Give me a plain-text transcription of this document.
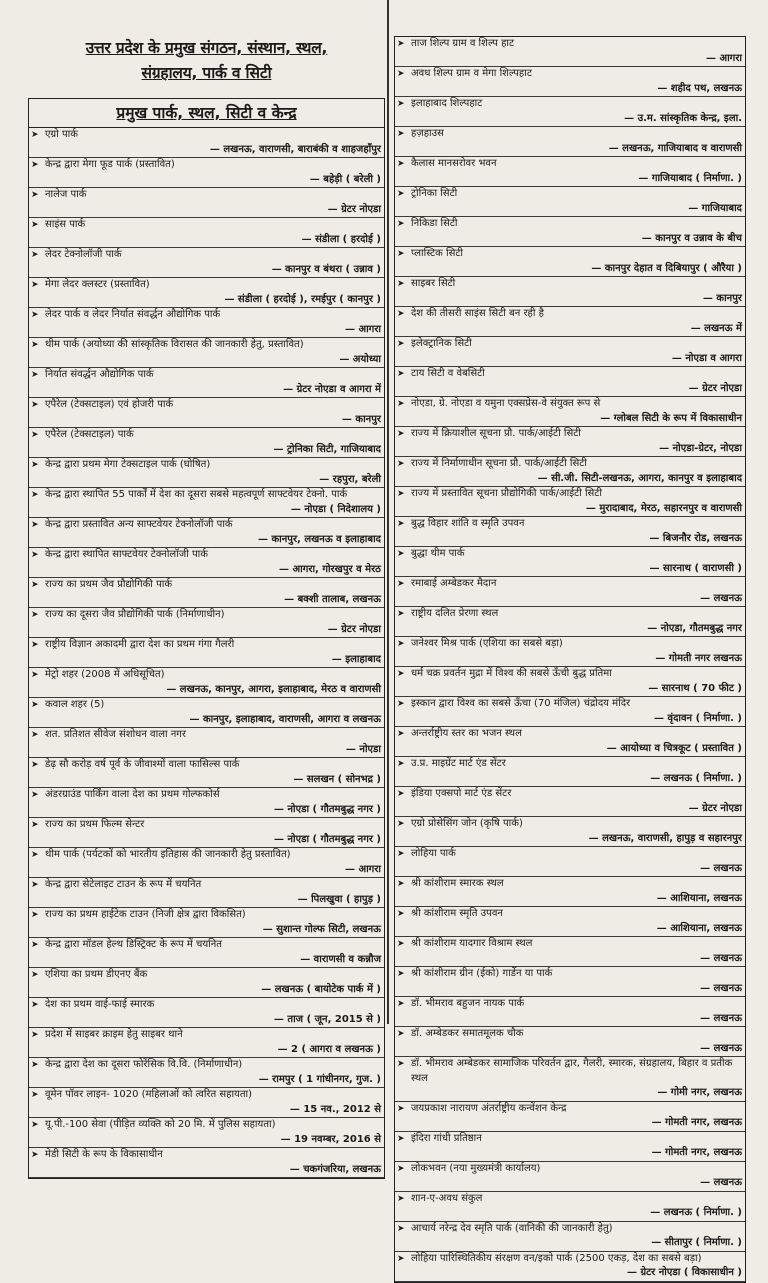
उत्तर प्रदेश के प्रमुख संगठन, संस्थान, स्थल,
संग्रहालय, पार्क व सिटी
प्रमुख पार्क, स्थल, सिटी व केन्द्र
➤ एग्रो पार्क
— लखनऊ, वाराणसी, बाराबंकी व शाहजहाँपुर
➤ केन्द्र द्वारा मेगा फूड पार्क (प्रस्तावित)
— बहेड़ी ( बरेली )
➤ नालेज पार्क
— ग्रेटर नोएडा
➤ साइंस पार्क
— संडीला ( हरदोई )
➤ लेदर टेक्नोलॉजी पार्क
— कानपुर व बंथरा ( उन्नाव )
➤ मेगा लेदर क्लस्टर (प्रस्तावित)
— संडीला ( हरदोई ), रमईपुर ( कानपुर )
➤ लेदर पार्क व लेदर निर्यात संवर्द्धन औद्योगिक पार्क
— आगरा
➤ थीम पार्क (अयोध्या की सांस्कृतिक विरासत की जानकारी हेतु, प्रस्तावित)
— अयोध्या
➤ निर्यात संवर्द्धन औद्योगिक पार्क
— ग्रेटर नोएडा व आगरा में
➤ एपैरेल (टेक्सटाइल) एवं होजरी पार्क
— कानपुर
➤ एपैरेल (टेक्सटाइल) पार्क
— ट्रोनिका सिटी, गाजियाबाद
➤ केन्द्र द्वारा प्रथम मेगा टेक्सटाइल पार्क (घोषित)
— रहपुरा, बरेली
➤ केन्द्र द्वारा स्थापित 55 पार्कों में देश का दूसरा सबसे महत्वपूर्ण साफ्टवेयर टेक्नो. पार्क
— नोएडा ( निदेशालय )
➤ केन्द्र द्वारा प्रस्तावित अन्य साफ्टवेयर टेक्नोलॉजी पार्क
— कानपुर, लखनऊ व इलाहाबाद
➤ केन्द्र द्वारा स्थापित साफ्टवेयर टेक्नोलॉजी पार्क
— आगरा, गोरखपुर व मेरठ
➤ राज्य का प्रथम जैव प्रौद्योगिकी पार्क
— बक्शी तालाब, लखनऊ
➤ राज्य का दूसरा जैव प्रौद्योगिकी पार्क (निर्माणाधीन)
— ग्रेटर नोएडा
➤ राष्ट्रीय विज्ञान अकादमी द्वारा देश का प्रथम गंगा गैलरी
— इलाहाबाद
➤ मेट्रो शहर (2008 में अधिसूचित)
— लखनऊ, कानपुर, आगरा, इलाहाबाद, मेरठ व वाराणसी
➤ कवाल शहर (5)
— कानपुर, इलाहाबाद, वाराणसी, आगरा व लखनऊ
➤ शत. प्रतिशत सीवेज संशोधन वाला नगर
— नोएडा
➤ डेढ़ सौ करोड़ वर्ष पूर्व के जीवाश्मों वाला फासिल्स पार्क
— सलखन ( सोनभद्र )
➤ अंडरग्राउंड पार्किंग वाला देश का प्रथम गोल्फकोर्स
— नोएडा ( गौतमबुद्ध नगर )
➤ राज्य का प्रथम फिल्म सेन्टर
— नोएडा ( गौतमबुद्ध नगर )
➤ थीम पार्क (पर्यटकों को भारतीय इतिहास की जानकारी हेतु प्रस्तावित)
— आगरा
➤ केन्द्र द्वारा सेटेलाइट टाउन के रूप में चयनित
— पिलखुवा ( हापुड़ )
➤ राज्य का प्रथम हाईटेक टाउन (निजी क्षेत्र द्वारा विकसित)
— सुशान्त गोल्फ सिटी, लखनऊ
➤ केन्द्र द्वारा मॉडल हेल्थ डिस्ट्रिक्ट के रूप में चयनित
— वाराणसी व कन्नौज
➤ एशिया का प्रथम डीएनए बैंक
— लखनऊ ( बायोटेक पार्क में )
➤ देश का प्रथम वाई-फाई स्मारक
— ताज ( जून, 2015 से )
➤ प्रदेश में साइबर क्राइम हेतु साइबर थाने
— 2 ( आगरा व लखनऊ )
➤ केन्द्र द्वारा देश का दूसरा फोरेंसिक वि.वि. (निर्माणाधीन)
— रामपुर ( 1 गांधीनगर, गुज. )
➤ वूमेन पॉवर लाइन- 1020 (महिलाओं को त्वरित सहायता)
— 15 नव., 2012 से
➤ यू.पी.-100 सेवा (पीड़ित व्यक्ति को 20 मि. में पुलिस सहायता)
— 19 नवम्बर, 2016 से
➤ मेडी सिटी के रूप के विकासाधीन
— चकगंजरिया, लखनऊ
➤ ताज शिल्प ग्राम व शिल्प हाट
— आगरा
➤ अवध शिल्प ग्राम व मेगा शिल्पहाट
— शहीद पथ, लखनऊ
➤ इलाहाबाद शिल्पहाट
— उ.म. सांस्कृतिक केन्द्र, इला.
➤ हज़हाउस
— लखनऊ, गाजियाबाद व वाराणसी
➤ कैलास मानसरोवर भवन
— गाजियाबाद ( निर्माणा. )
➤ ट्रोनिका सिटी
— गाजियाबाद
➤ निकिडा सिटी
— कानपुर व उन्नाव के बीच
➤ प्लास्टिक सिटी
— कानपुर देहात व दिबियापुर ( औरैया )
➤ साइबर सिटी
— कानपुर
➤ देश की तीसरी साइंस सिटी बन रही है
— लखनऊ में
➤ इलेक्ट्रानिक सिटी
— नोएडा व आगरा
➤ टाय सिटी व वेबसिटी
— ग्रेटर नोएडा
➤ नोएडा, ग्रे. नोएडा व यमुना एक्सप्रेस-वे संयुक्त रूप से
— ग्लोबल सिटी के रूप में विकासाधीन
➤ राज्य में क्रियाशील सूचना प्रौ. पार्क/आईटी सिटी
— नोएडा-ग्रेटर, नोएडा
➤ राज्य में निर्माणाधीन सूचना प्रौ. पार्क/आईटी सिटी
— सी.जी. सिटी-लखनऊ, आगरा, कानपुर व इलाहाबाद
➤ राज्य में प्रस्तावित सूचना प्रौद्योगिकी पार्क/आईटी सिटी
— मुरादाबाद, मेरठ, सहारनपुर व वाराणसी
➤ बुद्ध विहार शांति व स्मृति उपवन
— बिजनौर रोड, लखनऊ
➤ बुद्धा थीम पार्क
— सारनाथ ( वाराणसी )
➤ रमाबाई अम्बेडकर मैदान
— लखनऊ
➤ राष्ट्रीय दलित प्रेरणा स्थल
— नोएडा, गौतमबुद्ध नगर
➤ जनेश्वर मिश्र पार्क (एशिया का सबसे बड़ा)
— गोमती नगर लखनऊ
➤ धर्म चक्र प्रवर्तन मुद्रा में विश्व की सबसे ऊँची बुद्ध प्रतिमा
— सारनाथ ( 70 फीट )
➤ इस्कान द्वारा विश्व का सबसे ऊँचा (70 मंजिल) चंद्रोदय मंदिर
— वृंदावन ( निर्माणा. )
➤ अन्तर्राष्ट्रीय स्तर का भजन स्थल
— आयोध्या व चित्रकूट ( प्रस्तावित )
➤ उ.प्र. माइग्रेंट मार्ट एंड सेंटर
— लखनऊ ( निर्माणा. )
➤ इंडिया एक्सपो मार्ट एंड सेंटर
— ग्रेटर नोएडा
➤ एग्रो प्रोसेसिंग जोन (कृषि पार्क)
— लखनऊ, वाराणसी, हापुड़ व सहारनपुर
➤ लोहिया पार्क
— लखनऊ
➤ श्री कांशीराम स्मारक स्थल
— आशियाना, लखनऊ
➤ श्री कांशीराम स्मृति उपवन
— आशियाना, लखनऊ
➤ श्री कांशीराम यादगार विश्राम स्थल
— लखनऊ
➤ श्री कांशीराम ग्रीन (ईको) गार्डेन या पार्क
— लखनऊ
➤ डॉ. भीमराव बहुजन नायक पार्क
— लखनऊ
➤ डॉ. अम्बेडकर समातमूलक चौक
— लखनऊ
➤ डॉ. भीमराव अम्बेडकर सामाजिक परिवर्तन द्वार, गैलरी, स्मारक, संग्रहालय, बिहार व प्रतीक स्थल
— गोमी नगर, लखनऊ
➤ जयप्रकाश नारायण अंतर्राष्ट्रीय कन्वेंशन केन्द्र
— गोमती नगर, लखनऊ
➤ इंदिरा गांधी प्रतिष्ठान
— गोमती नगर, लखनऊ
➤ लोकभवन (नया मुख्यमंत्री कार्यालय)
— लखनऊ
➤ शान-ए-अवध संकुल
— लखनऊ ( निर्माणा. )
➤ आचार्य नरेन्द्र देव स्मृति पार्क (वानिकी की जानकारी हेतु)
— सीतापुर ( निर्माणा. )
➤ लोहिया पारिस्थितिकीय संरक्षण वन/इको पार्क (2500 एकड़, देश का सबसे बड़ा)
— ग्रेटर नोएडा ( विकासाधीन )
